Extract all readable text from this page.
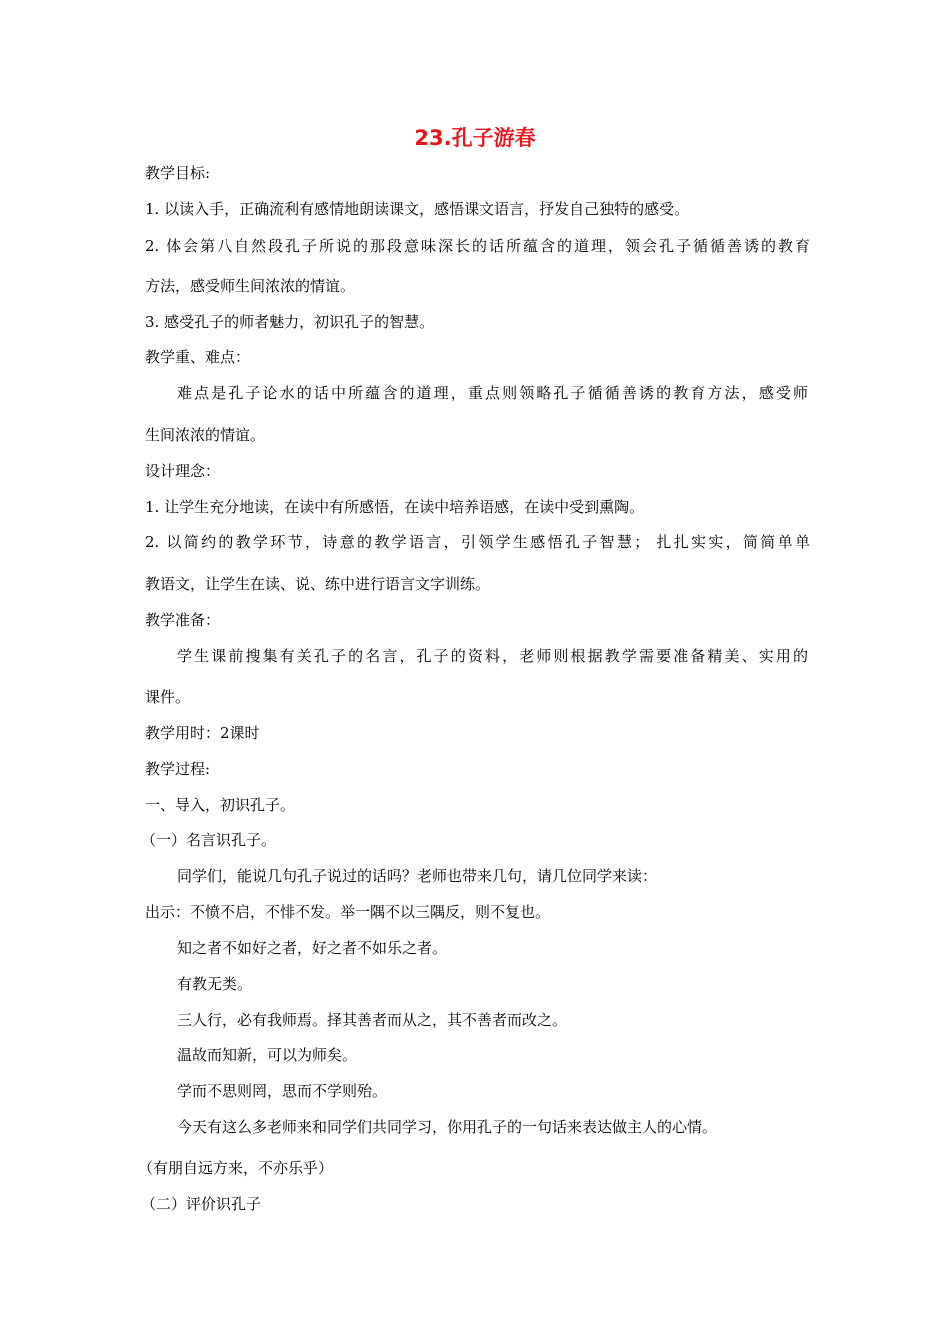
23.孔子游春
教学目标:
1. 以读入手，正确流利有感情地朗读课文，感悟课文语言，抒发自己独特的感受。
2. 体会第八自然段孔子所说的那段意味深长的话所蕴含的道理，领会孔子循循善诱的教育
方法，感受师生间浓浓的情谊。
3. 感受孔子的师者魅力，初识孔子的智慧。
教学重、难点：
难点是孔子论水的话中所蕴含的道理，重点则领略孔子循循善诱的教育方法，感受师
生间浓浓的情谊。
设计理念：
1. 让学生充分地读，在读中有所感悟，在读中培养语感，在读中受到熏陶。
2. 以简约的教学环节，诗意的教学语言，引领学生感悟孔子智慧； 扎扎实实，简简单单
教语文，让学生在读、说、练中进行语言文字训练。
教学准备：
学生课前搜集有关孔子的名言，孔子的资料，老师则根据教学需要准备精美、实用的
课件。
教学用时：2课时
教学过程:
一、导入，初识孔子。
（一）名言识孔子。
同学们，能说几句孔子说过的话吗？老师也带来几句，请几位同学来读：
出示：不愤不启，不悱不发。举一隅不以三隅反，则不复也。
知之者不如好之者，好之者不如乐之者。
有教无类。
三人行，必有我师焉。择其善者而从之，其不善者而改之。
温故而知新，可以为师矣。
学而不思则罔，思而不学则殆。
今天有这么多老师来和同学们共同学习，你用孔子的一句话来表达做主人的心情。
（有朋自远方来，不亦乐乎）
（二）评价识孔子
